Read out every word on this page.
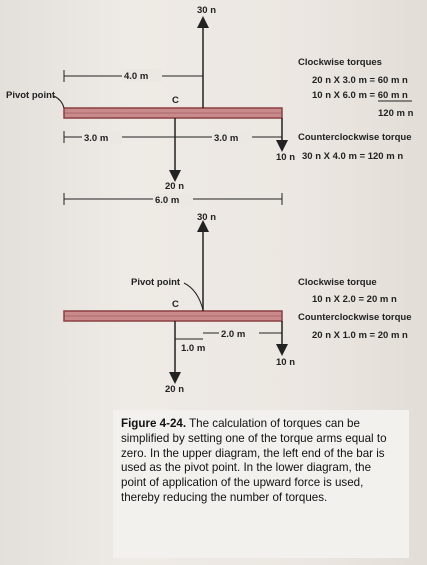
30 n
4.0 m
Pivot point	C
20 n
10 n
3.0 m	3.0 m
6.0 m
Clockwise torques
20 n X 3.0 m = 60 m n
10 n X 6.0 m = 60 m n
120 m n
Counterclockwise torque
30 n X 4.0 m = 120 m n
30 n
Pivot point
C
2.0 m
1.0 m
20 n
10 n
Clockwise torque
10 n X 2.0 = 20 m n
Counterclockwise torque
20 n X 1.0 m = 20 m n
Figure 4-24. The calculation of torques can be simplified by setting one of the torque arms equal to zero. In the upper diagram, the left end of the bar is used as the pivot point. In the lower diagram, the point of application of the upward force is used, thereby reducing the number of torques.
